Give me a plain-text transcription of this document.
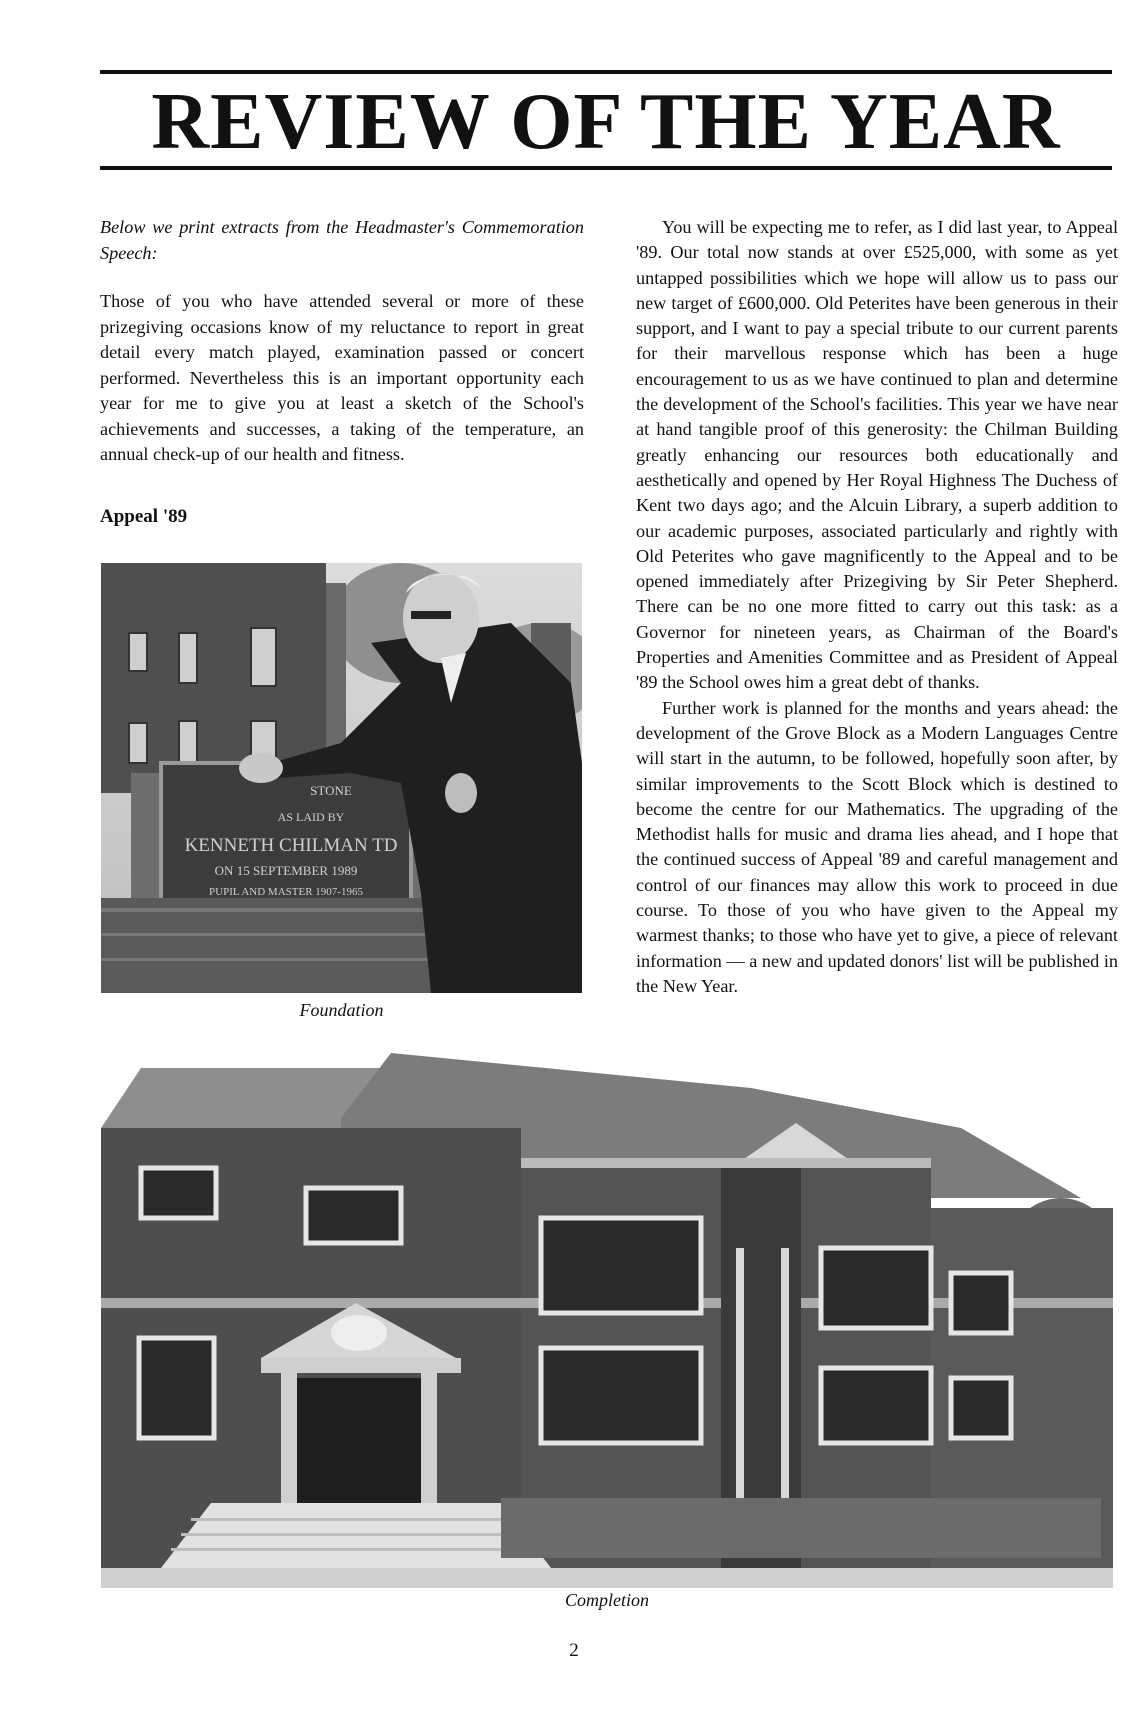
REVIEW OF THE YEAR

Below we print extracts from the Headmaster's Commemoration Speech:

Those of you who have attended several or more of these prizegiving occasions know of my reluctance to report in great detail every match played, examination passed or concert performed. Nevertheless this is an important opportunity each year for me to give you at least a sketch of the School's achievements and successes, a taking of the temperature, an annual check-up of our health and fitness.

Appeal '89

You will be expecting me to refer, as I did last year, to Appeal '89. Our total now stands at over £525,000, with some as yet untapped possibilities which we hope will allow us to pass our new target of £600,000. Old Peterites have been generous in their support, and I want to pay a special tribute to our current parents for their marvellous response which has been a huge encouragement to us as we have continued to plan and determine the development of the School's facilities. This year we have near at hand tangible proof of this generosity: the Chilman Building greatly enhancing our resources both educationally and aesthetically and opened by Her Royal Highness The Duchess of Kent two days ago; and the Alcuin Library, a superb addition to our academic purposes, associated particularly and rightly with Old Peterites who gave magnificently to the Appeal and to be opened immediately after Prizegiving by Sir Peter Shepherd. There can be no one more fitted to carry out this task: as a Governor for nineteen years, as Chairman of the Board's Properties and Amenities Committee and as President of Appeal '89 the School owes him a great debt of thanks.

Further work is planned for the months and years ahead: the development of the Grove Block as a Modern Languages Centre will start in the autumn, to be followed, hopefully soon after, by similar improvements to the Scott Block which is destined to become the centre for our Mathematics. The upgrading of the Methodist halls for music and drama lies ahead, and I hope that the continued success of Appeal '89 and careful management and control of our finances may allow this work to proceed in due course. To those of you who have given to the Appeal my warmest thanks; to those who have yet to give, a piece of relevant information — a new and updated donors' list will be published in the New Year.

STONE
AS LAID BY
KENNETH CHILMAN TD
ON 15 SEPTEMBER 1989
PUPIL AND MASTER 1907-1965
Foundation
Completion
2
